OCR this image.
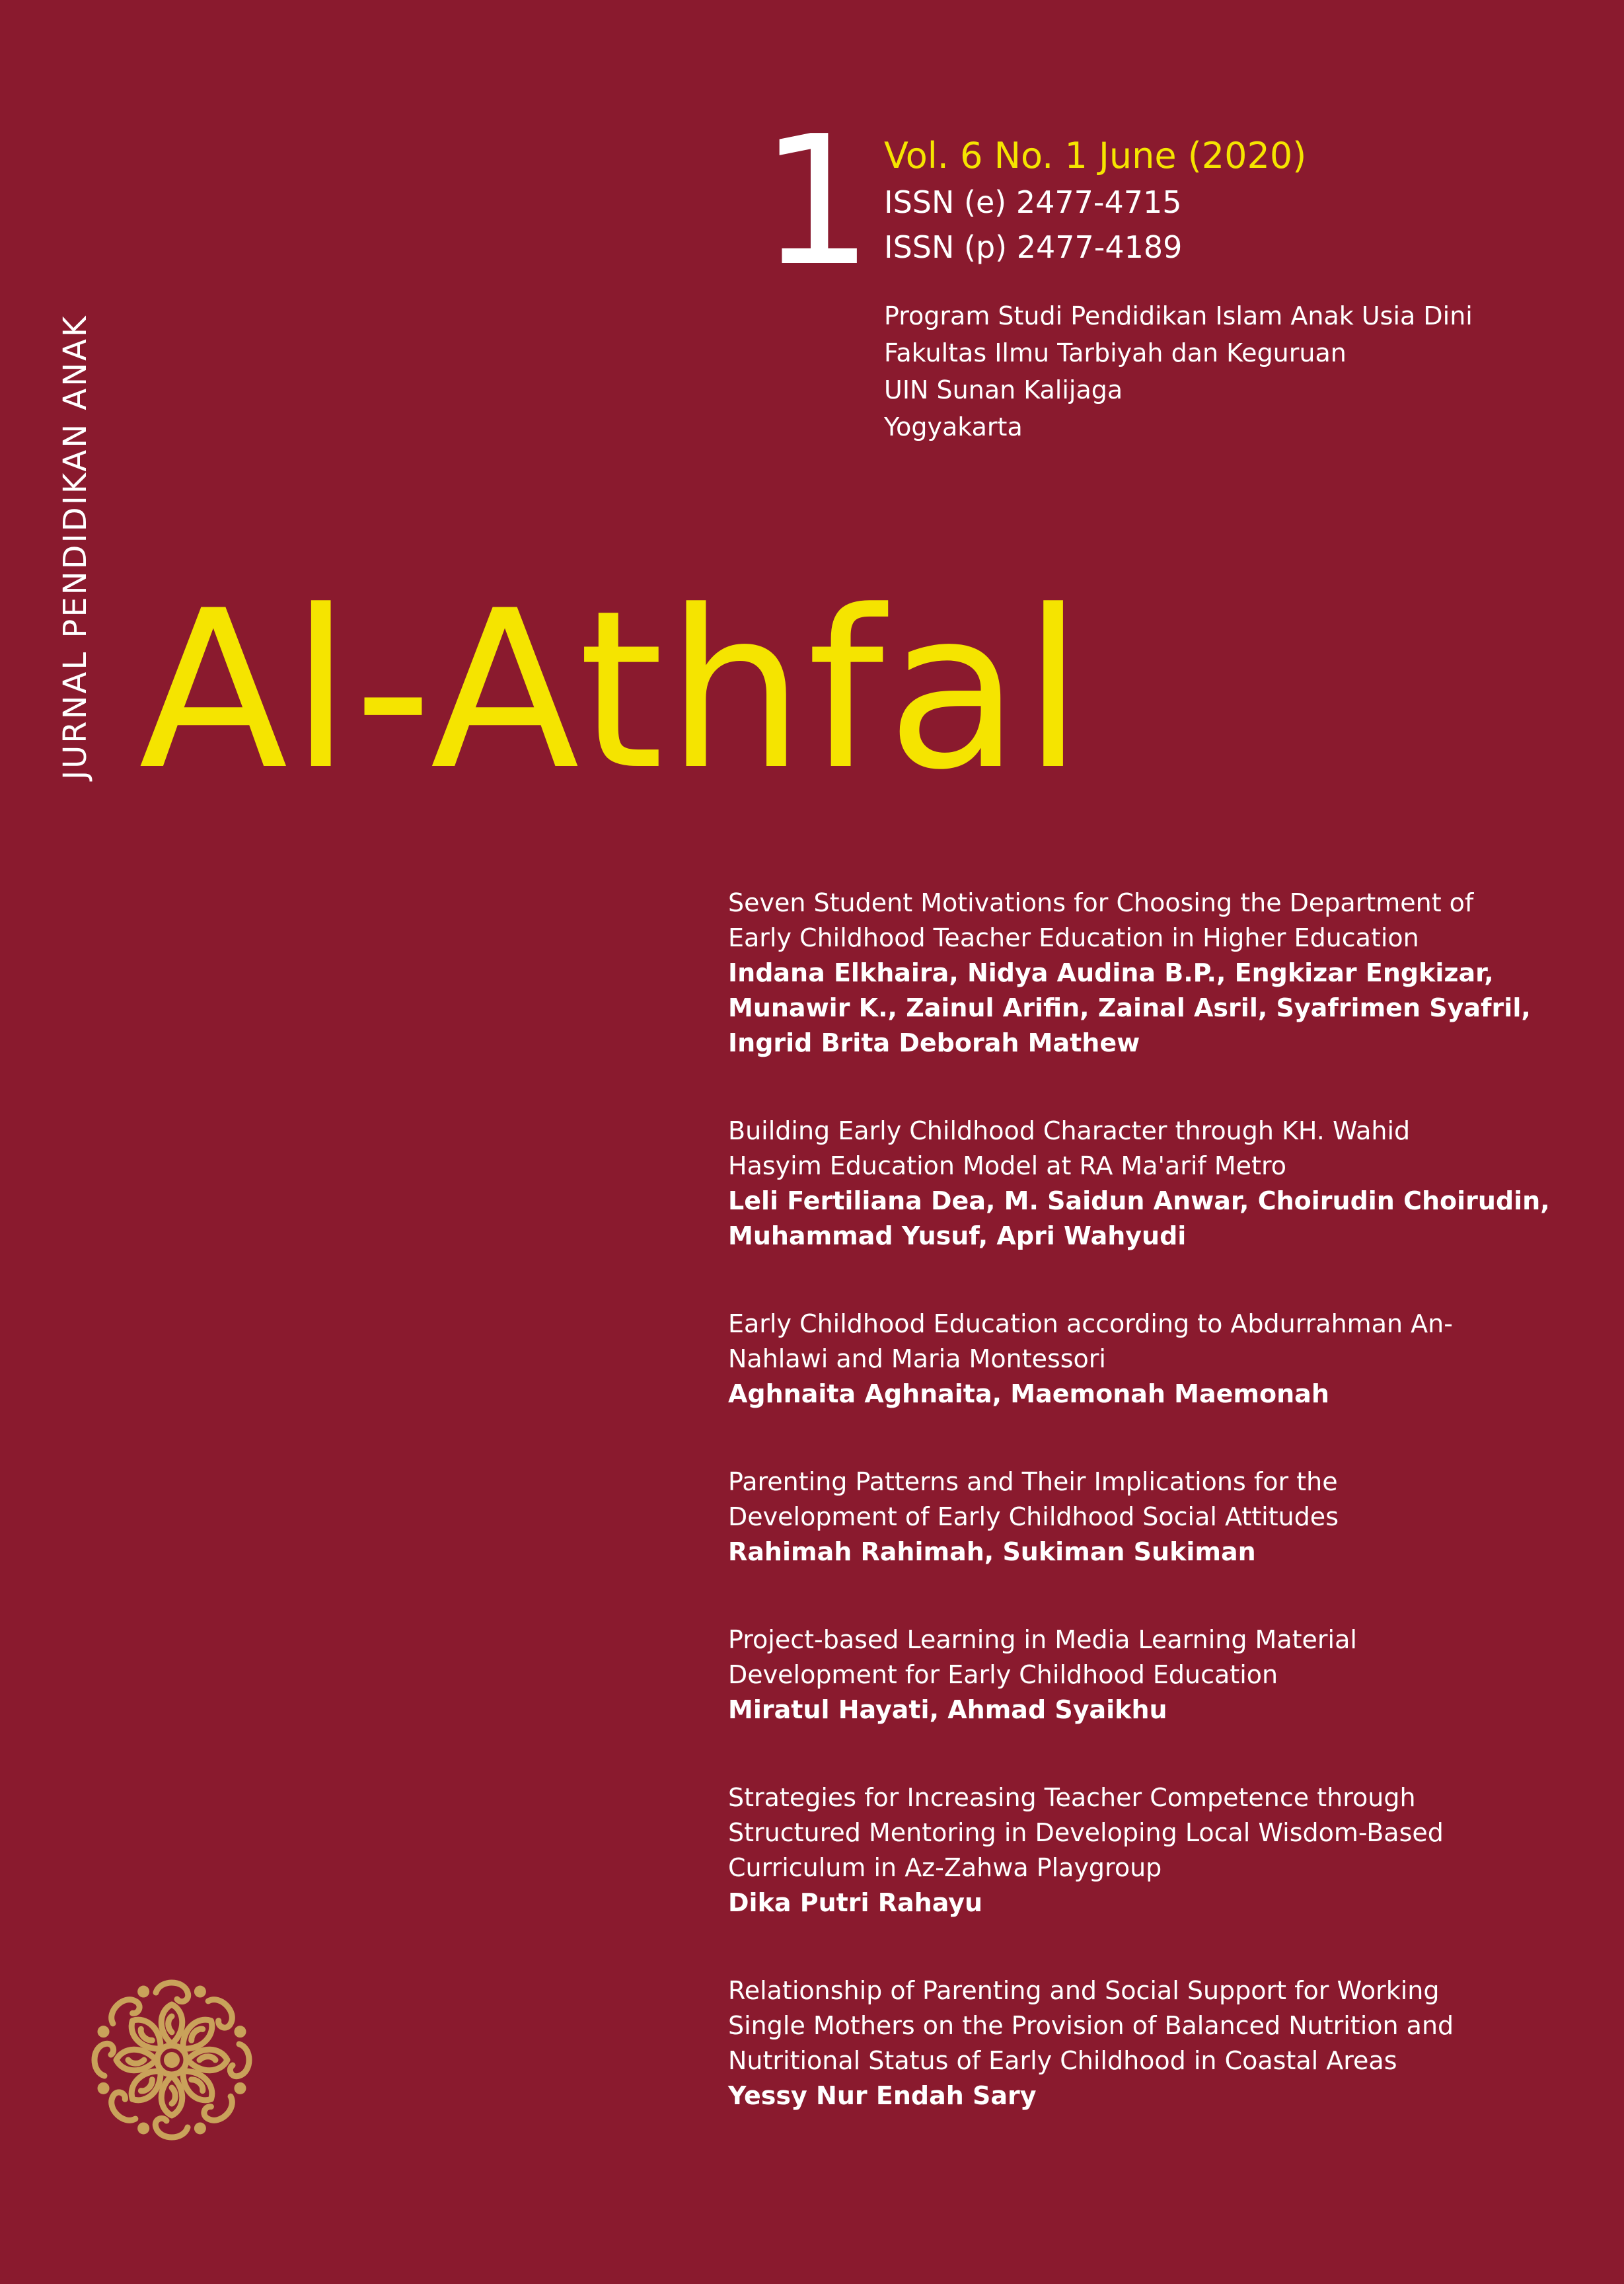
JURNAL PENDIDIKAN ANAK
1 Vol. 6 No. 1 June (2020)
ISSN (e) 2477-4715
ISSN (p) 2477-4189
Program Studi Pendidikan Islam Anak Usia Dini
Fakultas Ilmu Tarbiyah dan Keguruan
UIN Sunan Kalijaga
Yogyakarta
Al-Athfal
Seven Student Motivations for Choosing the Department of
Early Childhood Teacher Education in Higher Education
Indana Elkhaira, Nidya Audina B.P., Engkizar Engkizar,
Munawir K., Zainul Arifin, Zainal Asril, Syafrimen Syafril,
Ingrid Brita Deborah Mathew
Building Early Childhood Character through KH. Wahid
Hasyim Education Model at RA Ma'arif Metro
Leli Fertiliana Dea, M. Saidun Anwar, Choirudin Choirudin,
Muhammad Yusuf, Apri Wahyudi
Early Childhood Education according to Abdurrahman An-
Nahlawi and Maria Montessori
Aghnaita Aghnaita, Maemonah Maemonah
Parenting Patterns and Their Implications for the
Development of Early Childhood Social Attitudes
Rahimah Rahimah, Sukiman Sukiman
Project-based Learning in Media Learning Material
Development for Early Childhood Education
Miratul Hayati, Ahmad Syaikhu
Strategies for Increasing Teacher Competence through
Structured Mentoring in Developing Local Wisdom-Based
Curriculum in Az-Zahwa Playgroup
Dika Putri Rahayu
Relationship of Parenting and Social Support for Working
Single Mothers on the Provision of Balanced Nutrition and
Nutritional Status of Early Childhood in Coastal Areas
Yessy Nur Endah Sary
